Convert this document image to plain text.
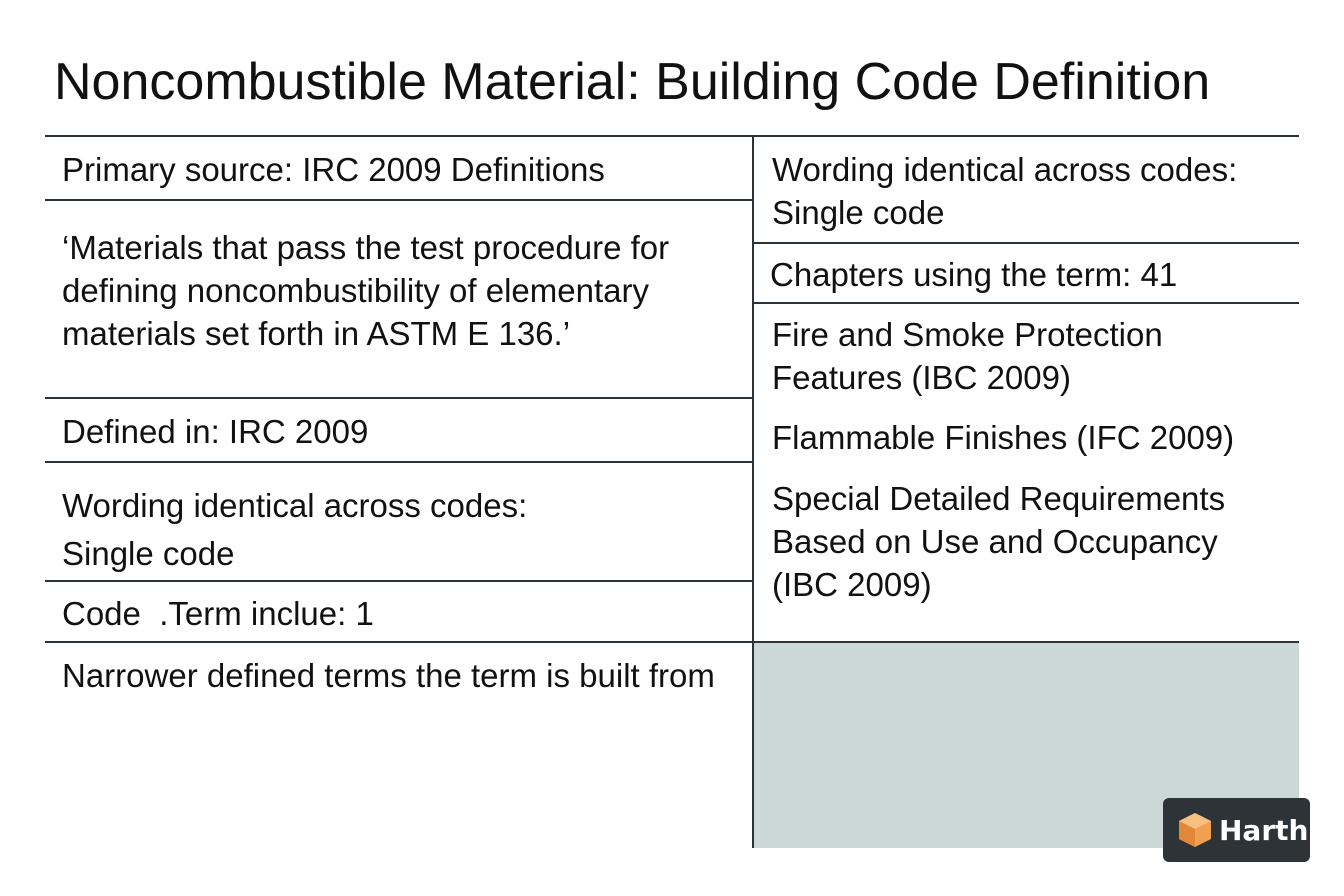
Noncombustible Material: Building Code Definition
Primary source: IRC 2009 Definitions
‘Materials that pass the test procedure for
defining noncombustibility of elementary
materials set forth in ASTM E 136.’
Defined in: IRC 2009
Wording identical across codes:
Single code
Code  .Term inclue: 1
Narrower defined terms the term is built from
Wording identical across codes:
Single code
Chapters using the term: 41
Fire and Smoke Protection
Features (IBC 2009)
Flammable Finishes (IFC 2009)
Special Detailed Requirements
Based on Use and Occupancy
(IBC 2009)
Harth
